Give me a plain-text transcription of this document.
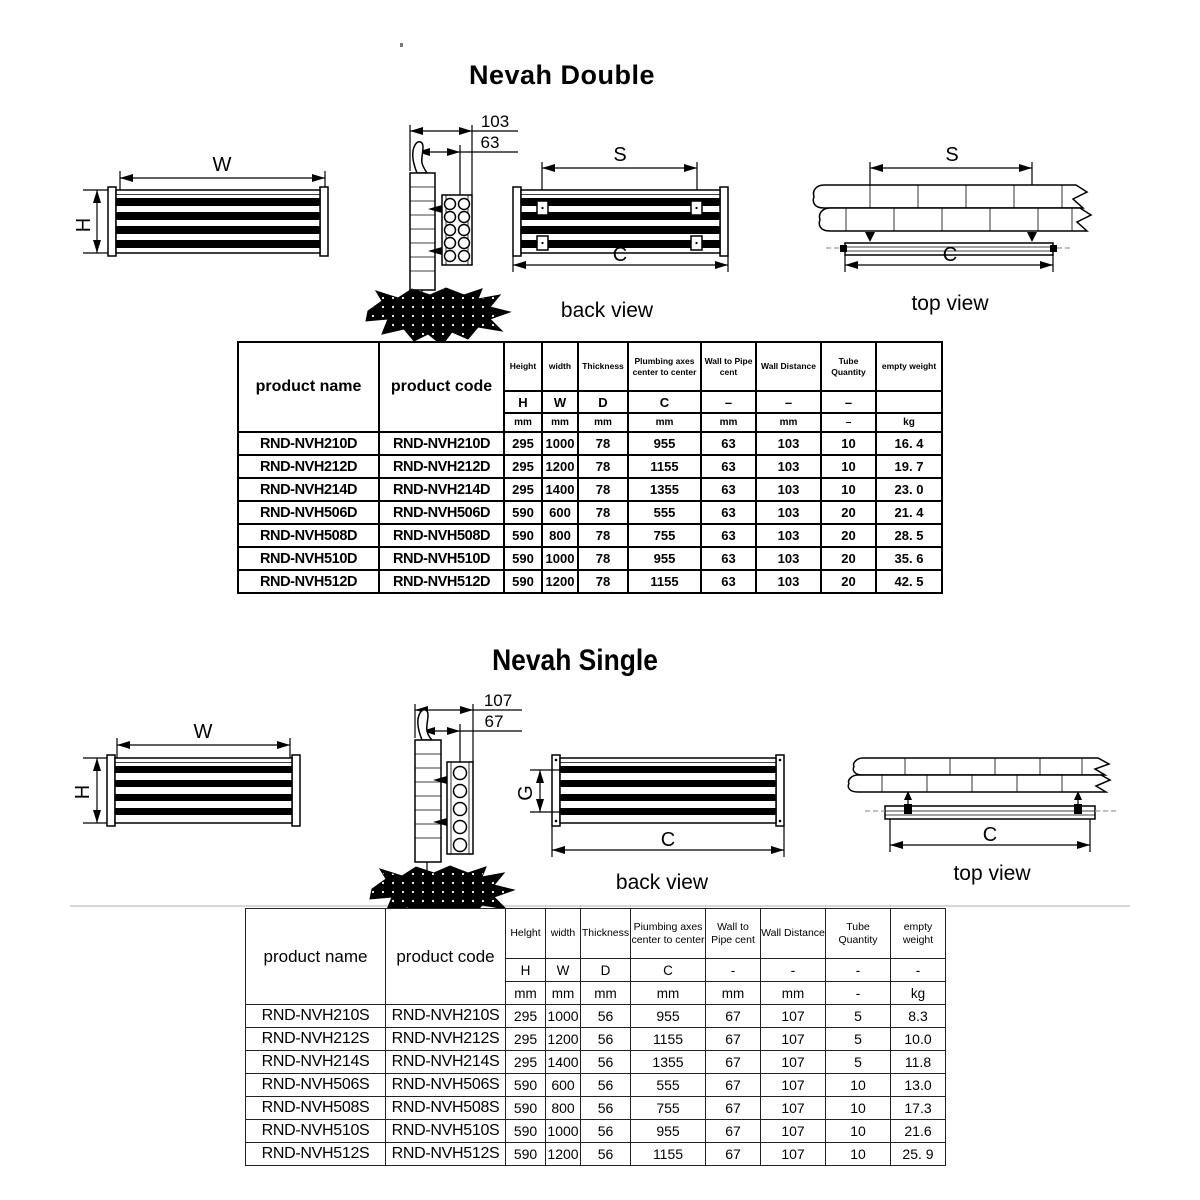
Nevah Double
W
H
103
63
S
C
back view
S
C
top view
product name	product code	Height	width	Thickness	Plumbing axes center to center	Wall to Pipe cent	Wall Distance	Tube Quantity	empty weight
		H	W	D	C	–	–	–	
		mm	mm	mm	mm	mm	mm	–	kg
RND-NVH210D	RND-NVH210D	295	1000	78	955	63	103	10	16. 4
RND-NVH212D	RND-NVH212D	295	1200	78	1155	63	103	10	19. 7
RND-NVH214D	RND-NVH214D	295	1400	78	1355	63	103	10	23. 0
RND-NVH506D	RND-NVH506D	590	600	78	555	63	103	20	21. 4
RND-NVH508D	RND-NVH508D	590	800	78	755	63	103	20	28. 5
RND-NVH510D	RND-NVH510D	590	1000	78	955	63	103	20	35. 6
RND-NVH512D	RND-NVH512D	590	1200	78	1155	63	103	20	42. 5
Nevah Single
W
H
107
67
G
C
back view
C
top view
product name	product code	Helght	width	Thickness	Piumbing axes center to center	Wall to Pipe cent	Wall Distance	Tube Quantity	empty weight
		H	W	D	C	-	-	-	-
		mm	mm	mm	mm	mm	mm	-	kg
RND-NVH210S	RND-NVH210S	295	1000	56	955	67	107	5	8.3
RND-NVH212S	RND-NVH212S	295	1200	56	1155	67	107	5	10.0
RND-NVH214S	RND-NVH214S	295	1400	56	1355	67	107	5	11.8
RND-NVH506S	RND-NVH506S	590	600	56	555	67	107	10	13.0
RND-NVH508S	RND-NVH508S	590	800	56	755	67	107	10	17.3
RND-NVH510S	RND-NVH510S	590	1000	56	955	67	107	10	21.6
RND-NVH512S	RND-NVH512S	590	1200	56	1155	67	107	10	25. 9
